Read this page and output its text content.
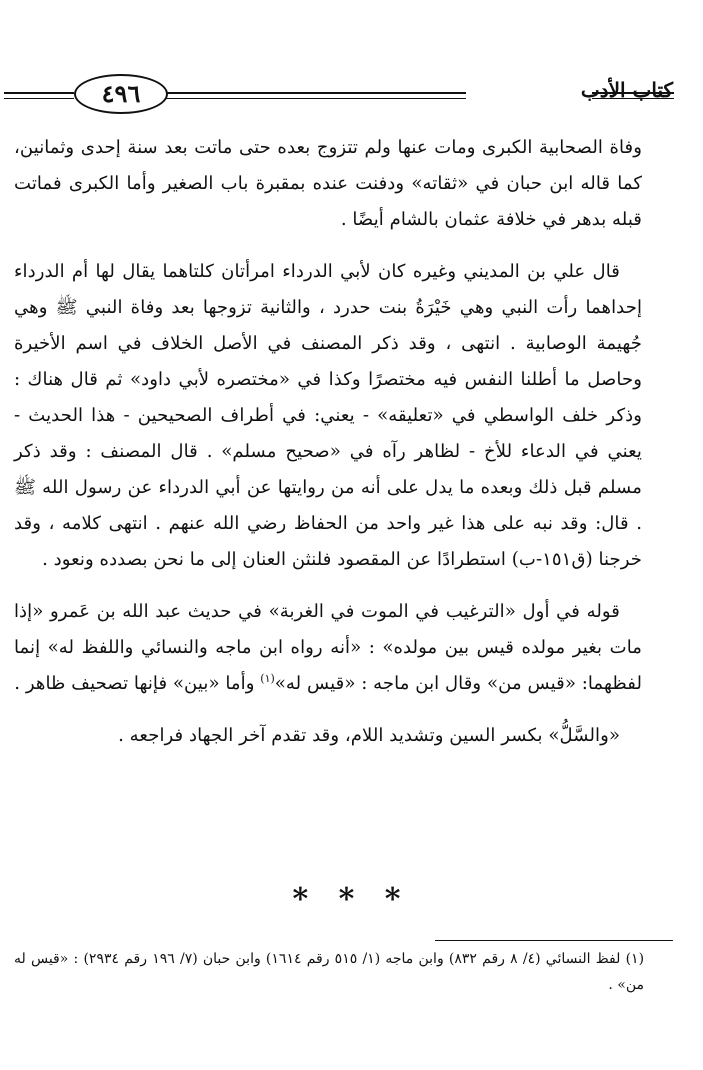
٤٩٦	كتاب الأدب

وفاة الصحابية الكبرى ومات عنها ولم تتزوج بعده حتى ماتت بعد سنة إحدى وثمانين، كما قاله ابن حبان في «ثقاته» ودفنت عنده بمقبرة باب الصغير وأما الكبرى فماتت قبله بدهر في خلافة عثمان بالشام أيضًا .

قال علي بن المديني وغيره كان لأبي الدرداء امرأتان كلتاهما يقال لها أم الدرداء إحداهما رأت النبي وهي خَيْرَةُ بنت حدرد ، والثانية تزوجها بعد وفاة النبي ﷺ وهي جُهيمة الوصابية . انتهى ، وقد ذكر المصنف في الأصل الخلاف في اسم الأخيرة وحاصل ما أطلنا النفس فيه مختصرًا وكذا في «مختصره لأبي داود» ثم قال هناك : وذكر خلف الواسطي في «تعليقه» - يعني: في أطراف الصحيحين - هذا الحديث - يعني في الدعاء للأخ - لظاهر رآه في «صحيح مسلم» . قال المصنف : وقد ذكر مسلم قبل ذلك وبعده ما يدل على أنه من روايتها عن أبي الدرداء عن رسول الله ﷺ . قال: وقد نبه على هذا غير واحد من الحفاظ رضي الله عنهم . انتهى كلامه ، وقد خرجنا (ق١٥١-ب) استطرادًا عن المقصود فلنثن العنان إلى ما نحن بصدده ونعود .

قوله في أول «الترغيب في الموت في الغربة» في حديث عبد الله بن عَمرو «إذا مات بغير مولده قيس بين مولده» : «أنه رواه ابن ماجه والنسائي واللفظ له» إنما لفظهما: «قيس من» وقال ابن ماجه : «قيس له»$^{(١)}$ وأما «بين» فإنها تصحيف ظاهر .

«والسَّلُّ» بكسر السين وتشديد اللام، وقد تقدم آخر الجهاد فراجعه .

* * *
(١) لفظ النسائي (٤/ ٨ رقم ٨٣٢) وابن ماجه (١/ ٥١٥ رقم ١٦١٤) وابن حبان (٧/ ١٩٦ رقم ٢٩٣٤) : «قيس له من» .
